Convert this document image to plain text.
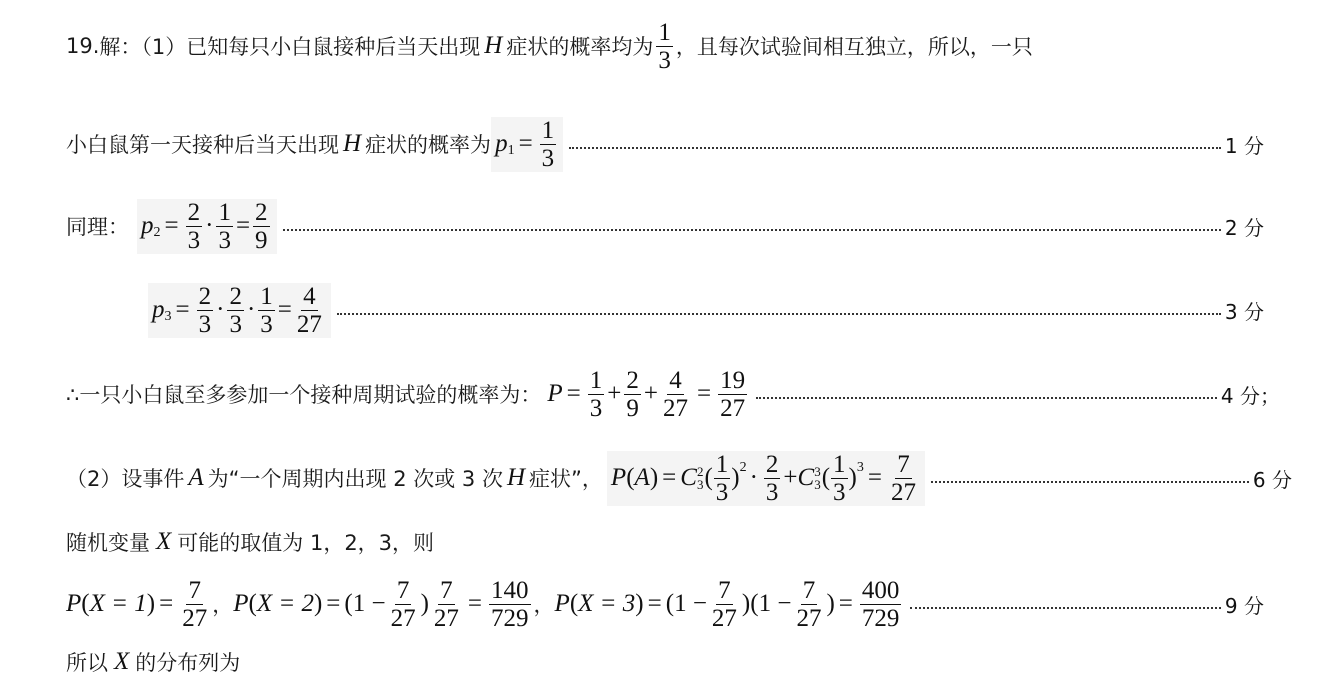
19. 解：（1）已知每只小白鼠接种后当天出现 H 症状的概率均为 $\frac{1}{3}$ ，且每次试验间相互独立，所以，一只
小白鼠第一天接种后当天出现 H 症状的概率为 p $1 = \frac{1}{3}$	1 分
同理： p $2 = \frac{2}{3} \cdot \frac{1}{3} = \frac{2}{9}$	2 分
p $3 = \frac{2}{3} \cdot \frac{2}{3} \cdot \frac{1}{3} = \frac{4}{27}$	3 分
∴一只小白鼠至多参加一个接种周期试验的概率为： $P = \frac{1}{3} + \frac{2}{9} + \frac{4}{27} = \frac{19}{27}$	4 分；
（2）设事件 A 为“一个周期内出现 2 次或 3 次 H 症状”， P ( A ) = C 2
3 ( $\frac{1}{3}$ ) $2 \cdot \frac{2}{3} + C$ 3
3 ( $\frac{1}{3}$ ) $3 = \frac{7}{27}$	6 分
随机变量 X 可能的取值为 1，2，3，则
P ( X = 1 ) = $\frac{7}{27}$ ， P ( X = 2 ) = ( $1 - \frac{7}{27}$ ) $\frac{7}{27} = \frac{140}{729}$ ， P ( X = 3 ) = ( $1 - \frac{7}{27}$ ) ( $1 - \frac{7}{27}$ ) = $\frac{400}{729}$	9 分
所以 X 的分布列为
